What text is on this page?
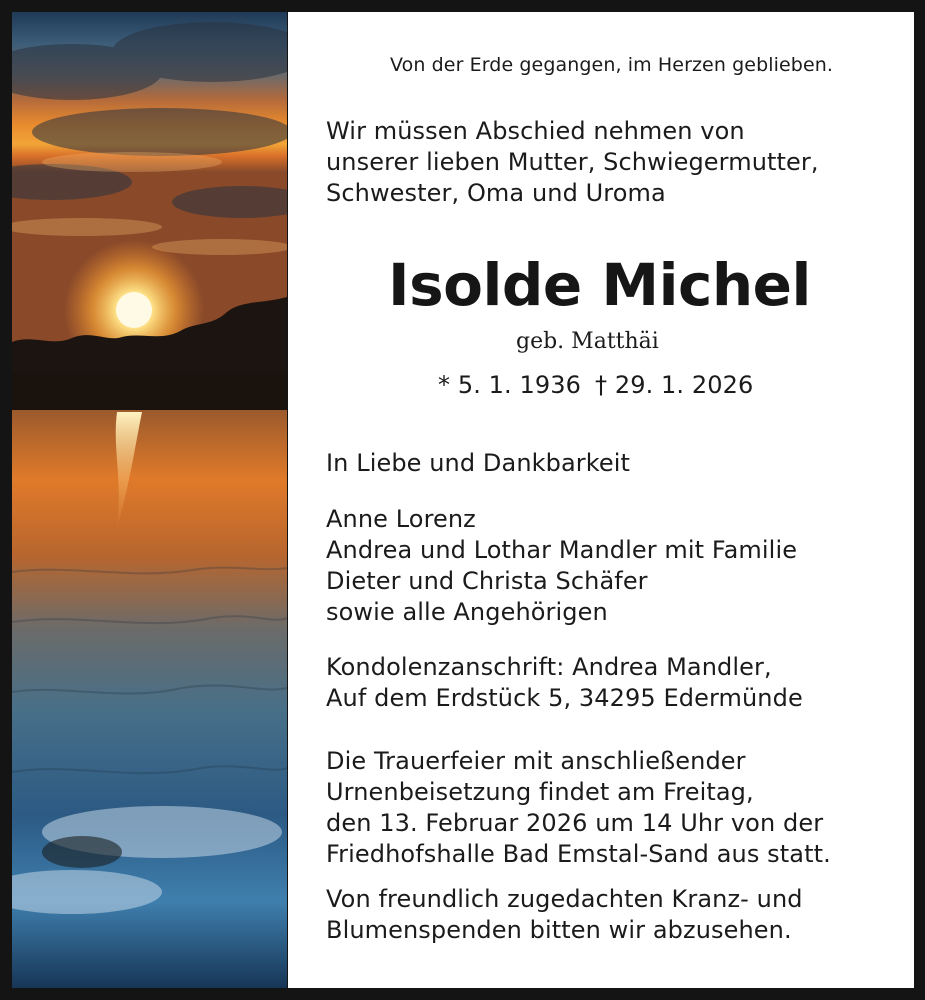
Von der Erde gegangen, im Herzen geblieben.
Wir müssen Abschied nehmen von
unserer lieben Mutter, Schwiegermutter,
Schwester, Oma und Uroma
Isolde Michel
geb. Matthäi
* 5. 1. 1936 † 29. 1. 2026
In Liebe und Dankbarkeit
Anne Lorenz
Andrea und Lothar Mandler mit Familie
Dieter und Christa Schäfer
sowie alle Angehörigen
Kondolenzanschrift: Andrea Mandler,
Auf dem Erdstück 5, 34295 Edermünde
Die Trauerfeier mit anschließender
Urnenbeisetzung findet am Freitag,
den 13. Februar 2026 um 14 Uhr von der
Friedhofshalle Bad Emstal-Sand aus statt.
Von freundlich zugedachten Kranz- und
Blumenspenden bitten wir abzusehen.
